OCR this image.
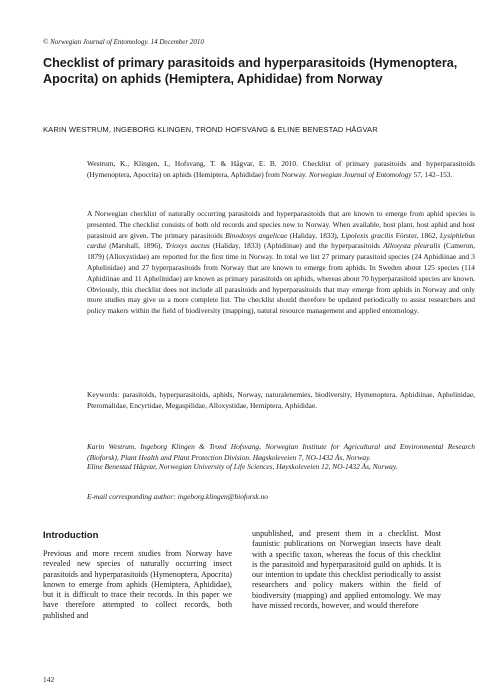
© Norwegian Journal of Entomology. 14 December 2010
Checklist of primary parasitoids and hyperparasitoids (Hymenoptera, Apocrita) on aphids (Hemiptera, Aphididae) from Norway
KARIN WESTRUM, INGEBORG KLINGEN, TROND HOFSVANG & ELINE BENESTAD HÅGVAR
Westrum, K., Klingen, I., Hofsvang, T. & Hågvar, E. B. 2010. Checklist of primary parasitoids and hyperparasitoids (Hymenoptera, Apocrita) on aphids (Hemiptera, Aphididae) from Norway. Norwegian Journal of Entomology 57, 142–153.
A Norwegian checklist of naturally occurring parasitoids and hyperparasitoids that are known to emerge from aphid species is presented. The checklist consists of both old records and species new to Norway. When available, host plant, host aphid and host parasitoid are given. The primary parasitoids Binodoxys angelicae (Haliday, 1833), Lipolexis gracilis Förster, 1862, Lysiphlebus cardui (Marshall, 1896), Trioxys auctus (Haliday, 1833) (Aphidiinae) and the hyperparasitoids Alloxysta pleuralis (Cameron, 1879) (Alloxystidae) are reported for the first time in Norway. In total we list 27 primary parasitoid species (24 Aphidiinae and 3 Aphelinidae) and 27 hyperparasitoids from Norway that are known to emerge from aphids. In Sweden about 125 species (114 Aphidiinae and 11 Aphelinidae) are known as primary parasitoids on aphids, whereas about 70 hyperparasitoid species are known. Obviously, this checklist does not include all parasitoids and hyperparasitoids that may emerge from aphids in Norway and only more studies may give us a more complete list. The checklist should therefore be updated periodically to assist researchers and policy makers within the field of biodiversity (mapping), natural resource management and applied entomology.
Keywords: parasitoids, hyperparasitoids, aphids, Norway, naturalenemies, biodiversity, Hymenoptera, Aphidiinae, Aphelinidae, Pteromalidae, Encyrtidae, Megaspilidae, Alloxystidae, Hemiptera, Aphididae.
Karin Westrum, Ingeborg Klingen & Trond Hofsvang, Norwegian Institute for Agricultural and Environmental Research (Bioforsk), Plant Health and Plant Protection Division. Høgskoleveien 7, NO-1432 Ås, Norway.
Eline Benestad Hågvar, Norwegian University of Life Sciences, Høyskoleveien 12, NO-1432 Ås, Norway.
E-mail corresponding author: ingeborg.klingen@bioforsk.no
Introduction
Previous and more recent studies from Norway have revealed new species of naturally occurring insect parasitoids and hyperparasitoids (Hymenoptera, Apocrita) known to emerge from aphids (Hemiptera, Aphididae), but it is difficult to trace their records. In this paper we have therefore attempted to collect records, both published and
unpublished, and present them in a checklist. Most faunistic publications on Norwegian insects have dealt with a specific taxon, whereas the focus of this checklist is the parasitoid and hyperparasitoid guild on aphids. It is our intention to update this checklist periodically to assist researchers and policy makers within the field of biodiversity (mapping) and applied entomology. We may have missed records, however, and would therefore
142
